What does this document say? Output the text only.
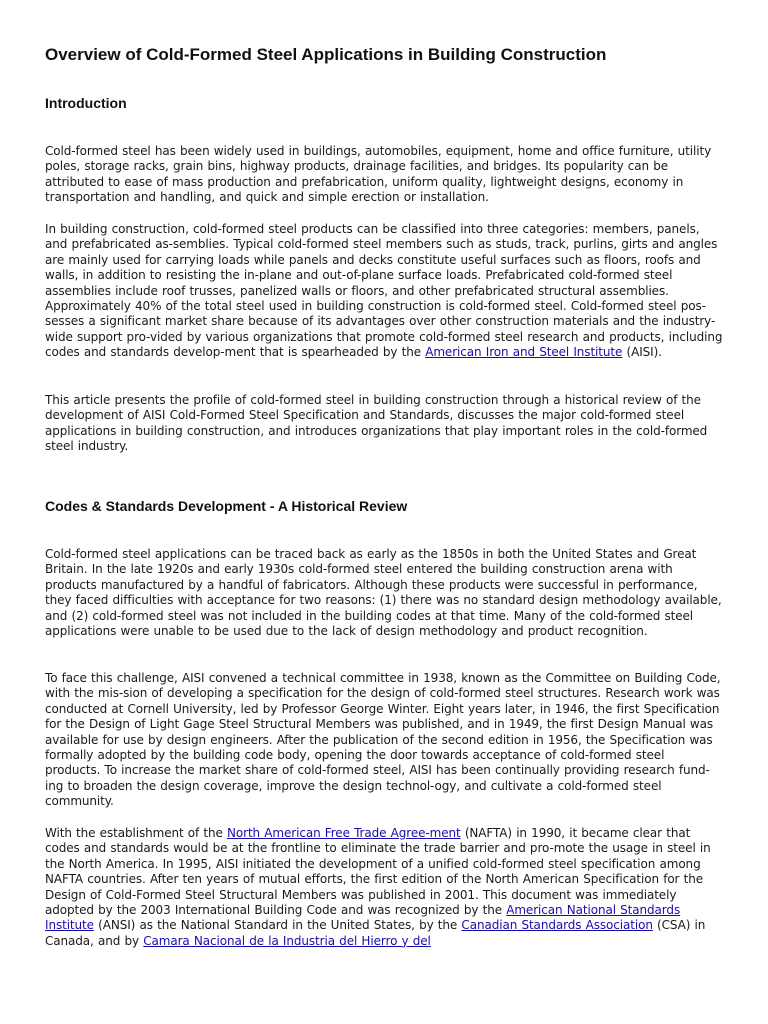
Overview of Cold-Formed Steel Applications in Building Construction
Introduction

Cold-formed steel has been widely used in buildings, automobiles, equipment, home and office furniture, utility poles, storage racks, grain bins, highway products, drainage facilities, and bridges. Its popularity can be attributed to ease of mass production and prefabrication, uniform quality, lightweight designs, economy in transportation and handling, and quick and simple erection or installation.

In building construction, cold-formed steel products can be classified into three categories: members, panels, and prefabricated as-semblies. Typical cold-formed steel members such as studs, track, purlins, girts and angles are mainly used for carrying loads while panels and decks constitute useful surfaces such as floors, roofs and walls, in addition to resisting the in-plane and out-of-plane surface loads. Prefabricated cold-formed steel assemblies include roof trusses, panelized walls or floors, and other prefabricated structural assemblies. Approximately 40% of the total steel used in building construction is cold-formed steel. Cold-formed steel pos-sesses a significant market share because of its advantages over other construction materials and the industry-wide support pro-vided by various organizations that promote cold-formed steel research and products, including codes and standards develop-ment that is spearheaded by the American Iron and Steel Institute (AISI).

This article presents the profile of cold-formed steel in building construction through a historical review of the development of AISI Cold-Formed Steel Specification and Standards, discusses the major cold-formed steel applications in building construction, and introduces organizations that play important roles in the cold-formed steel industry.

Codes & Standards Development - A Historical Review

Cold-formed steel applications can be traced back as early as the 1850s in both the United States and Great Britain. In the late 1920s and early 1930s cold-formed steel entered the building construction arena with products manufactured by a handful of fabricators. Although these products were successful in performance, they faced difficulties with acceptance for two reasons: (1) there was no standard design methodology available, and (2) cold-formed steel was not included in the building codes at that time. Many of the cold-formed steel applications were unable to be used due to the lack of design methodology and product recognition.

To face this challenge, AISI convened a technical committee in 1938, known as the Committee on Building Code, with the mis-sion of developing a specification for the design of cold-formed steel structures. Research work was conducted at Cornell University, led by Professor George Winter. Eight years later, in 1946, the first Specification for the Design of Light Gage Steel Structural Members was published, and in 1949, the first Design Manual was available for use by design engineers. After the publication of the second edition in 1956, the Specification was formally adopted by the building code body, opening the door towards acceptance of cold-formed steel products. To increase the market share of cold-formed steel, AISI has been continually providing research fund-ing to broaden the design coverage, improve the design technol-ogy, and cultivate a cold-formed steel community.

With the establishment of the North American Free Trade Agree-ment (NAFTA) in 1990, it became clear that codes and standards would be at the frontline to eliminate the trade barrier and pro-mote the usage in steel in the North America. In 1995, AISI initiated the development of a unified cold-formed steel specification among NAFTA countries. After ten years of mutual efforts, the first edition of the North American Specification for the Design of Cold-Formed Steel Structural Members was published in 2001. This document was immediately adopted by the 2003 International Building Code and was recognized by the American National Standards Institute (ANSI) as the National Standard in the United States, by the Canadian Standards Association (CSA) in Canada, and by Camara Nacional de la Industria del Hierro y del
